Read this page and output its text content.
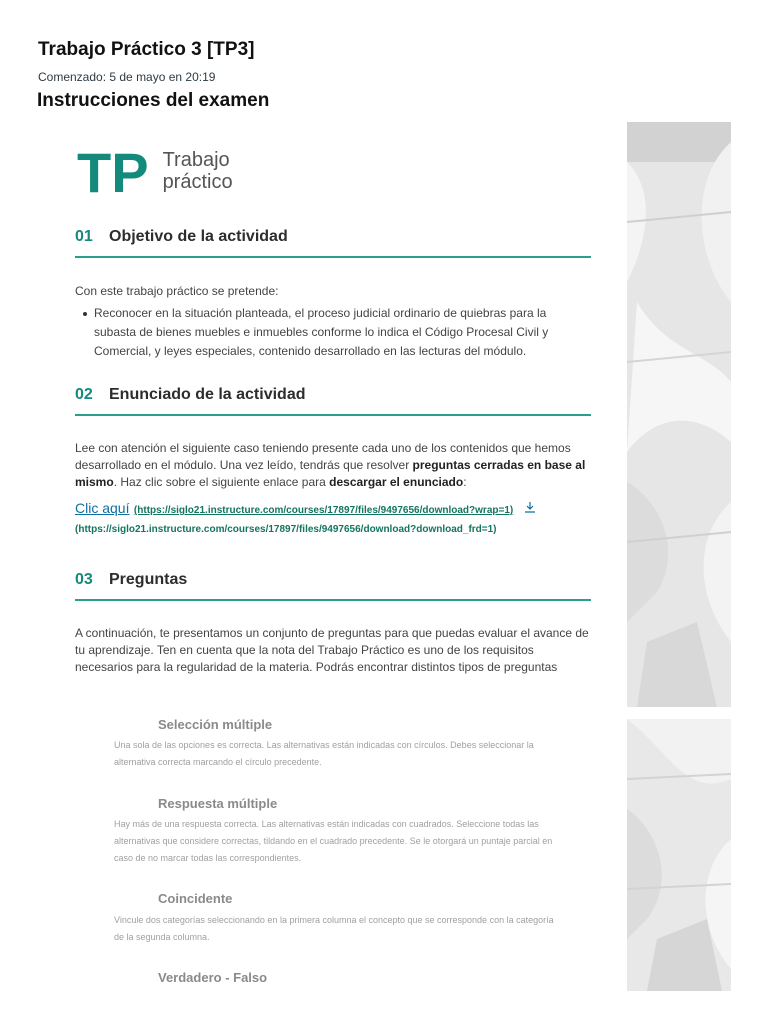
Trabajo Práctico 3 [TP3]
Comenzado: 5 de mayo en 20:19
Instrucciones del examen
TP Trabajo
práctico
01 Objetivo de la actividad
Con este trabajo práctico se pretende:
Reconocer en la situación planteada, el proceso judicial ordinario de quiebras para la subasta de bienes muebles e inmuebles conforme lo indica el Código Procesal Civil y Comercial, y leyes especiales, contenido desarrollado en las lecturas del módulo.
02 Enunciado de la actividad
Lee con atención el siguiente caso teniendo presente cada uno de los contenidos que hemos desarrollado en el módulo. Una vez leído, tendrás que resolver preguntas cerradas en base al mismo. Haz clic sobre el siguiente enlace para descargar el enunciado:
Clic aquí (https://siglo21.instructure.com/courses/17897/files/9497656/download?wrap=1)
(https://siglo21.instructure.com/courses/17897/files/9497656/download?download_frd=1)
03 Preguntas
A continuación, te presentamos un conjunto de preguntas para que puedas evaluar el avance de tu aprendizaje. Ten en cuenta que la nota del Trabajo Práctico es uno de los requisitos necesarios para la regularidad de la materia. Podrás encontrar distintos tipos de preguntas
Selección múltiple
Una sola de las opciones es correcta. Las alternativas están indicadas con círculos. Debes seleccionar la alternativa correcta marcando el círculo precedente.
Respuesta múltiple
Hay más de una respuesta correcta. Las alternativas están indicadas con cuadrados. Seleccione todas las alternativas que considere correctas, tildando en el cuadrado precedente. Se le otorgará un puntaje parcial en caso de no marcar todas las correspondientes.
Coincidente
Vincule dos categorías seleccionando en la primera columna el concepto que se corresponde con la categoría de la segunda columna.
Verdadero - Falso
